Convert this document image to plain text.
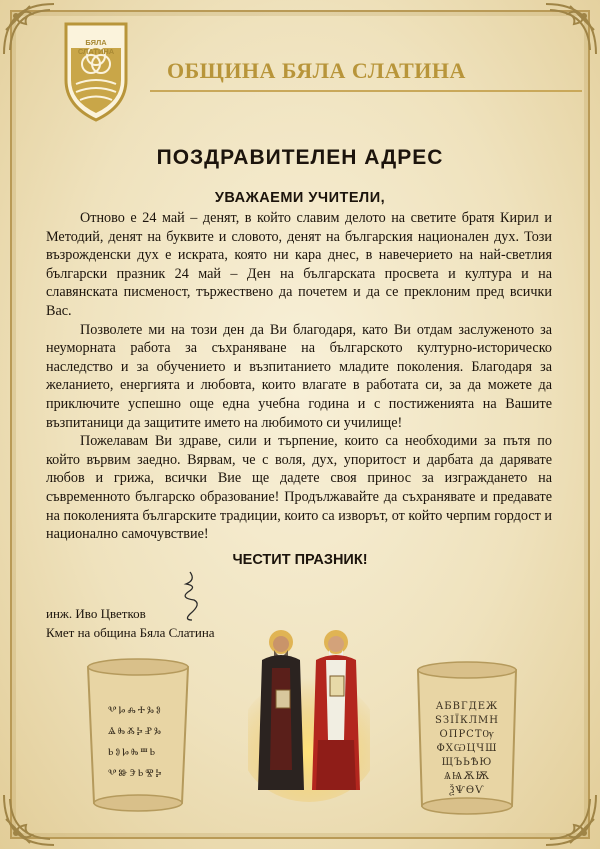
БЯЛА СЛАТИНА
ОБЩИНА БЯЛА СЛАТИНА
ПОЗДРАВИТЕЛЕН АДРЕС
УВАЖАЕМИ УЧИТЕЛИ,

Отново е 24 май – денят, в който славим делото на светите братя Кирил и Методий, денят на буквите и словото, денят на българския национален дух. Този възрожденски дух е искрата, която ни кара днес, в навечерието на най-светлия български празник 24 май – Ден на българската просвета и култура и на славянската писменост, тържествено да почетем и да се преклоним пред всички Вас.

Позволете ми на този ден да Ви благодаря, като Ви отдам заслуженото за неуморната работа за съхраняване на българското културно-историческо наследство и за обучението и възпитанието младите поколения. Благодаря за желанието, енергията и любовта, които влагате в работата си, за да можете да приключите успешно още една учебна година и с постиженията на Вашите възпитаници да защитите името на любимото си училище!

Пожелавам Ви здраве, сили и търпение, които са необходими за пътя по който вървим заедно. Вярвам, че с воля, дух, упоритост и дарбата да дарявате любов и грижа, всички Вие ще дадете своя принос за изграждането на съвременното българско образование! Продължавайте да съхранявате и предавате на поколенията българските традиции, които са изворът, от който черпим гордост и национално самочувствие!

ЧЕСТИТ ПРАЗНИК!
инж. Иво Цветков
Кмет на община Бяла Слатина
ⰂⰘⰎⰀⰃⰑ
ⰡⰈⰆⰍⰐⰃ
ⰓⰑⰘⰈⰞⰓ
ⰂⰖⰅⰓⰊⰍ
АБВГДЕЖ
ЅЗІЇКЛМН
ОПРСТѸ
ФХѠЦЧШ
ЩЪЬѢЮ
ѦѨѪѬ
ѮѰѲѴ
